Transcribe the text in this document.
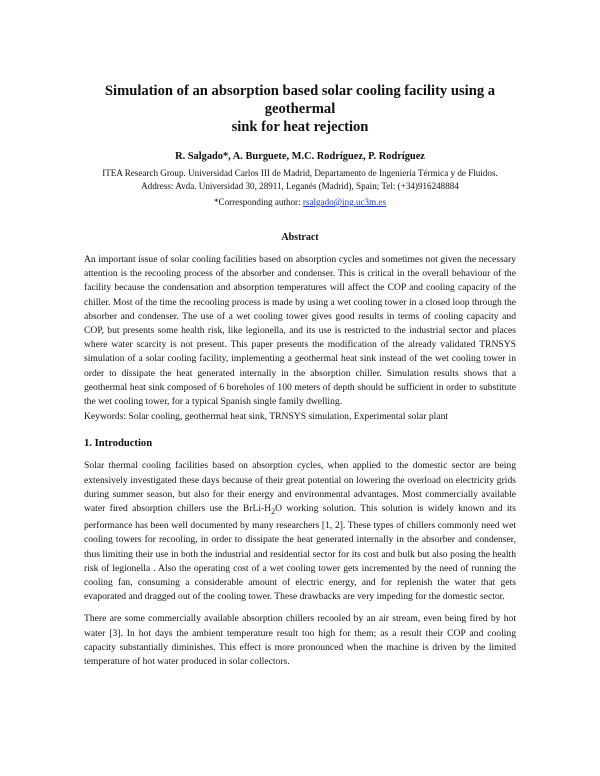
Simulation of an absorption based solar cooling facility using a geothermal
sink for heat rejection

R. Salgado*, A. Burguete, M.C. Rodríguez, P. Rodríguez

ITEA Research Group. Universidad Carlos III de Madrid, Departamento de Ingeniería Térmica y de Fluidos.
Address: Avda. Universidad 30, 28911, Leganés (Madrid), Spain; Tel: (+34)916248884

*Corresponding author: rsalgado@ing.uc3m.es

Abstract

An important issue of solar cooling facilities based on absorption cycles and sometimes not given the necessary attention is the recooling process of the absorber and condenser. This is critical in the overall behaviour of the facility because the condensation and absorption temperatures will affect the COP and cooling capacity of the chiller. Most of the time the recooling process is made by using a wet cooling tower in a closed loop through the absorber and condenser. The use of a wet cooling tower gives good results in terms of cooling capacity and COP, but presents some health risk, like legionella, and its use is restricted to the industrial sector and places where water scarcity is not present. This paper presents the modification of the already validated TRNSYS simulation of a solar cooling facility, implementing a geothermal heat sink instead of the wet cooling tower in order to dissipate the heat generated internally in the absorption chiller. Simulation results shows that a geothermal heat sink composed of 6 boreholes of 100 meters of depth should be sufficient in order to substitute the wet cooling tower, for a typical Spanish single family dwelling.

Keywords: Solar cooling, geothermal heat sink, TRNSYS simulation, Experimental solar plant

1. Introduction

Solar thermal cooling facilities based on absorption cycles, when applied to the domestic sector are being extensively investigated these days because of their great potential on lowering the overload on electricity grids during summer season, but also for their energy and environmental advantages. Most commercially available water fired absorption chillers use the BrLi-$H_2O$ working solution. This solution is widely known and its performance has been well documented by many researchers [1, 2]. These types of chillers commonly need wet cooling towers for recooling, in order to dissipate the heat generated internally in the absorber and condenser, thus limiting their use in both the industrial and residential sector for its cost and bulk but also posing the health risk of legionella . Also the operating cost of a wet cooling tower gets incremented by the need of running the cooling fan, consuming a considerable amount of electric energy, and for replenish the water that gets evaporated and dragged out of the cooling tower. These drawbacks are very impeding for the domestic sector.

There are some commercially available absorption chillers recooled by an air stream, even being fired by hot water [3]. In hot days the ambient temperature result too high for them; as a result their COP and cooling capacity substantially diminishes. This effect is more pronounced when the machine is driven by the limited temperature of hot water produced in solar collectors.
